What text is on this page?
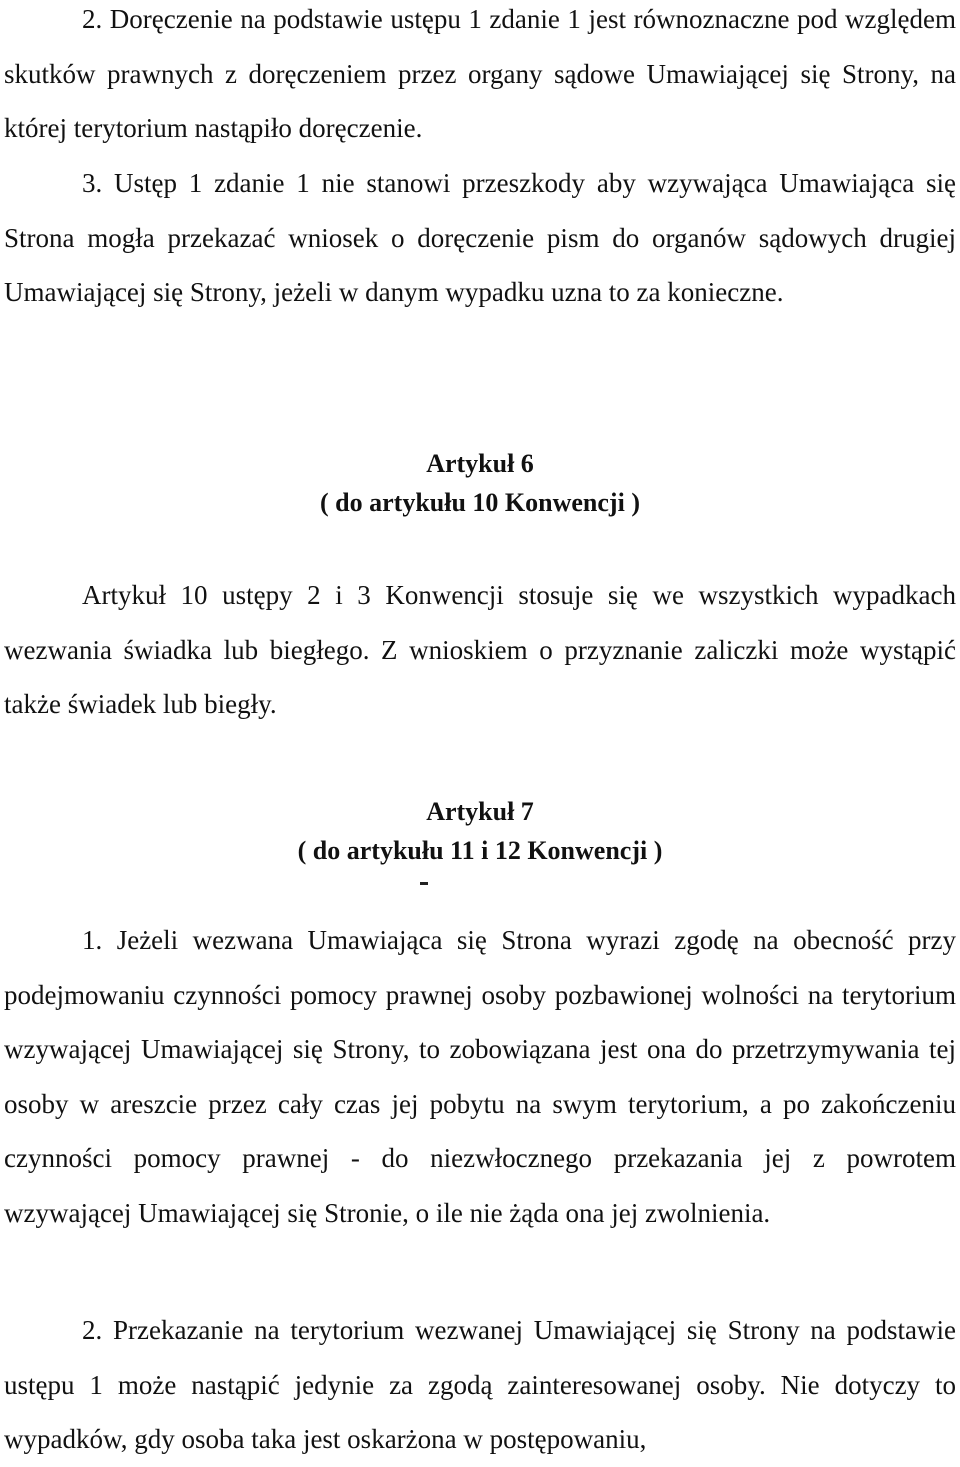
2. Doręczenie na podstawie ustępu 1 zdanie 1 jest równoznaczne pod względem skutków prawnych z doręczeniem przez organy sądowe Umawiającej się Strony, na której terytorium nastąpiło doręczenie.

3. Ustęp 1 zdanie 1 nie stanowi przeszkody aby wzywająca Umawiająca się Strona mogła przekazać wniosek o doręczenie pism do organów sądowych drugiej Umawiającej się Strony, jeżeli w danym wypadku uzna to za konieczne.

Artykuł 6
( do artykułu 10 Konwencji )

Artykuł 10 ustępy 2 i 3 Konwencji stosuje się we wszystkich wypadkach wezwania świadka lub biegłego. Z wnioskiem o przyznanie zaliczki może wystąpić także świadek lub biegły.

Artykuł 7
( do artykułu 11 i 12 Konwencji )

1. Jeżeli wezwana Umawiająca się Strona wyrazi zgodę na obecność przy podejmowaniu czynności pomocy prawnej osoby pozbawionej wolności na terytorium wzywającej Umawiającej się Strony, to zobowiązana jest ona do przetrzymywania tej osoby w areszcie przez cały czas jej pobytu na swym terytorium, a po zakończeniu czynności pomocy prawnej - do niezwłocznego przekazania jej z powrotem wzywającej Umawiającej się Stronie, o ile nie żąda ona jej zwolnienia.

2. Przekazanie na terytorium wezwanej Umawiającej się Strony na podstawie ustępu 1 może nastąpić jedynie za zgodą zainteresowanej osoby. Nie dotyczy to wypadków, gdy osoba taka jest oskarżona w postępowaniu,
